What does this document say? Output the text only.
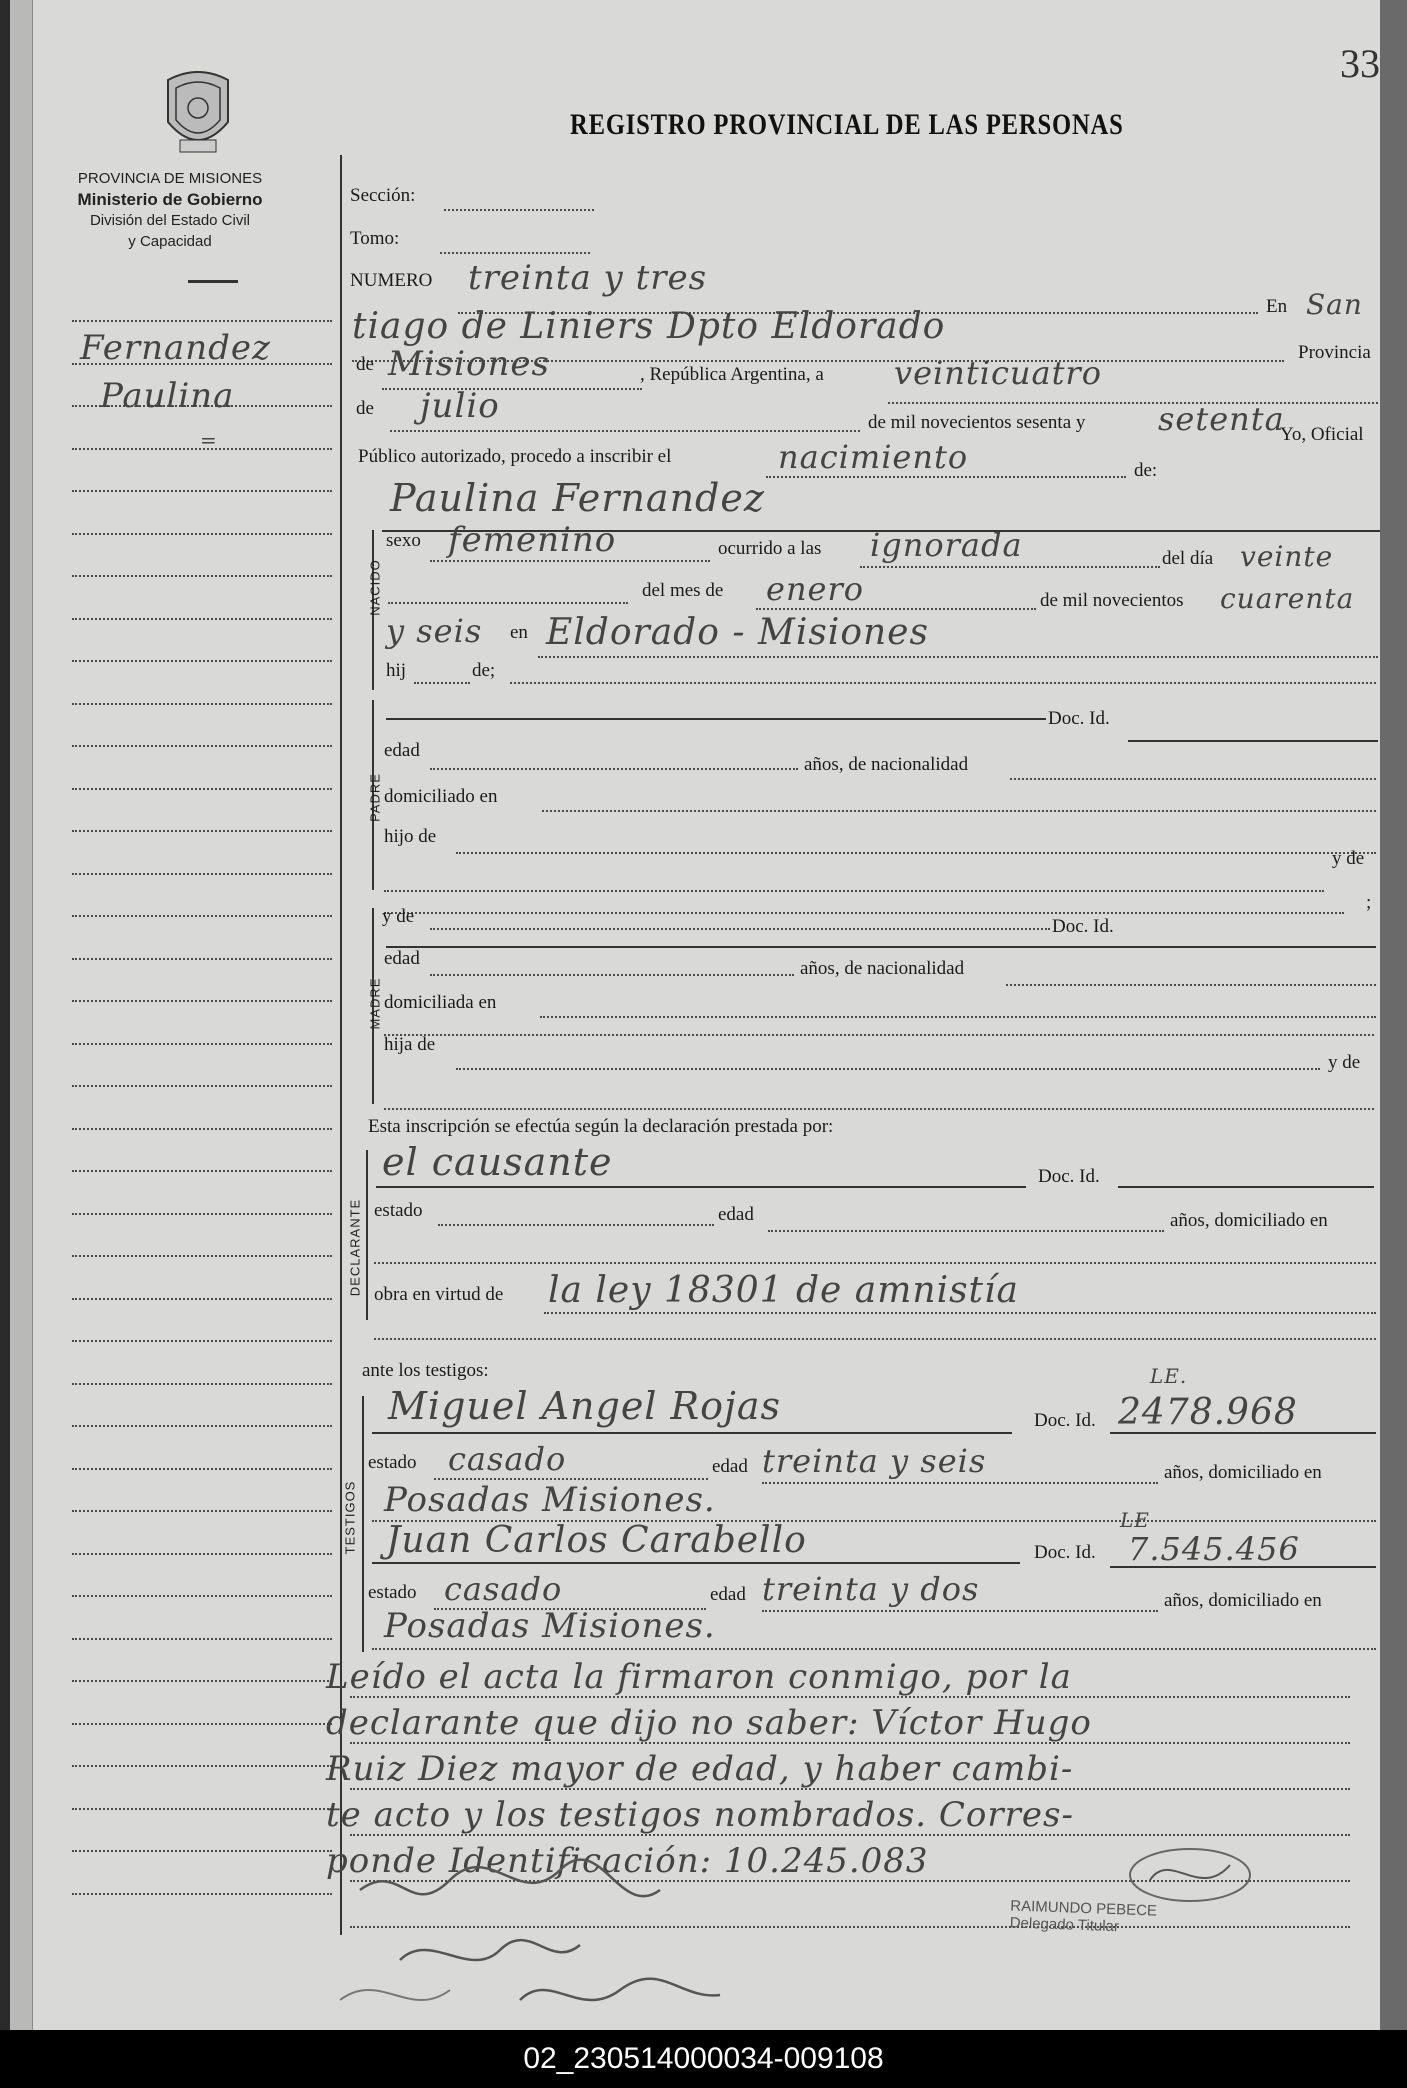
33
REGISTRO PROVINCIAL DE LAS PERSONAS
PROVINCIA DE MISIONES
Ministerio de Gobierno
División del Estado Civil
y Capacidad
Fernandez
Paulina
=
Sección:
Tomo:
NUMERO treinta y tres
En San
tiago de Liniers Dpto Eldorado
Provincia
de Misiones	, República Argentina, a veinticuatro
de julio	de mil novecientos sesenta y setenta
Yo, Oficial
Público autorizado, procedo a inscribir el	nacimiento	de:
NACIDO
Paulina Fernandez
sexo femenino	ocurrido a las ignorada	del día veinte
del mes de enero	de mil novecientos cuarenta
y seis en Eldorado - Misiones
hij	de;
PADRE
Doc. Id.
edad
años, de nacionalidad
domiciliado en
hijo de
y de
;
MADRE
y de	Doc. Id.
edad	años, de nacionalidad
domiciliada en
hija de
y de
Esta inscripción se efectúa según la declaración prestada por:
DECLARANTE
el causante	Doc. Id.
estado	edad	años, domiciliado en
obra en virtud de la ley 18301 de amnistía
ante los testigos:
TESTIGOS
Miguel Angel Rojas	Doc. Id.
LE.
2478.968
estado casado	edad treinta y seis	años, domiciliado en
Posadas Misiones.
Juan Carlos Carabello	Doc. Id.
LE
7.545.456
estado casado	edad treinta y dos	años, domiciliado en
Posadas Misiones.
Leído el acta la firmaron conmigo, por la
declarante que dijo no saber: Víctor Hugo
Ruiz Diez mayor de edad, y haber cambi-
te acto y los testigos nombrados. Corres-
ponde Identificación: 10.245.083
RAIMUNDO PEBECE
Delegado Titular
02_230514000034-009108
